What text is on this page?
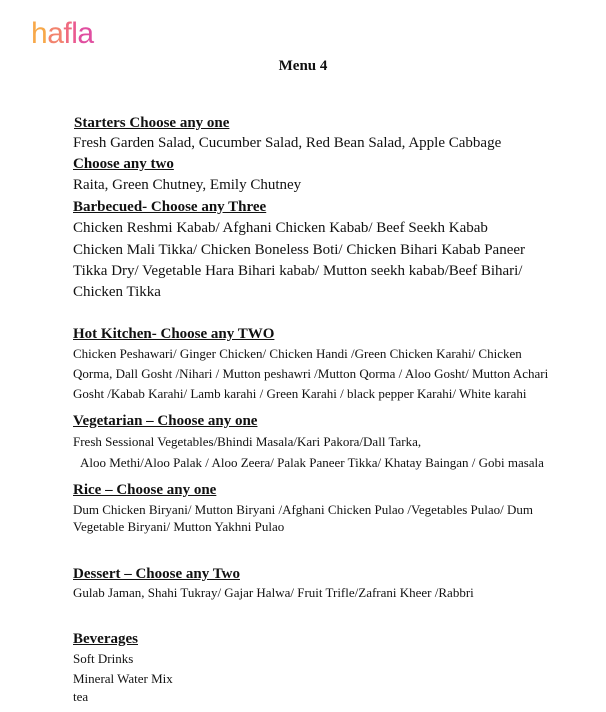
hafla
Menu 4
Starters Choose any one
Fresh Garden Salad, Cucumber Salad, Red Bean Salad, Apple Cabbage
Choose any two
Raita, Green Chutney, Emily Chutney
Barbecued- Choose any Three
Chicken Reshmi Kabab/ Afghani Chicken Kabab/ Beef Seekh Kabab
Chicken Mali Tikka/ Chicken Boneless Boti/ Chicken Bihari Kabab Paneer
Tikka Dry/ Vegetable Hara Bihari kabab/ Mutton seekh kabab/Beef Bihari/
Chicken Tikka
Hot Kitchen- Choose any TWO
Chicken Peshawari/ Ginger Chicken/ Chicken Handi /Green Chicken Karahi/ Chicken
Qorma, Dall Gosht /Nihari / Mutton peshawri /Mutton Qorma / Aloo Gosht/ Mutton Achari
Gosht /Kabab Karahi/ Lamb karahi / Green Karahi / black pepper Karahi/ White karahi
Vegetarian – Choose any one
Fresh Sessional Vegetables/Bhindi Masala/Kari Pakora/Dall Tarka,
Aloo Methi/Aloo Palak / Aloo Zeera/ Palak Paneer Tikka/ Khatay Baingan / Gobi masala
Rice – Choose any one
Dum Chicken Biryani/ Mutton Biryani /Afghani Chicken Pulao /Vegetables Pulao/ Dum
Vegetable Biryani/ Mutton Yakhni Pulao
Dessert – Choose any Two
Gulab Jaman, Shahi Tukray/ Gajar Halwa/ Fruit Trifle/Zafrani Kheer /Rabbri
Beverages
Soft Drinks
Mineral Water Mix
tea
